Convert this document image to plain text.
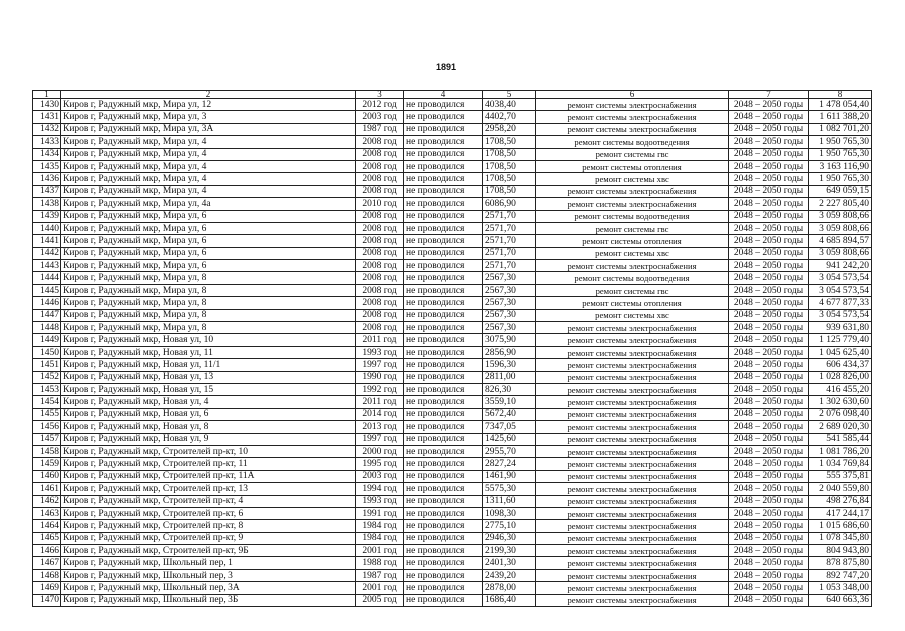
1891
1	2	3	4	5	6	7	8
1430	Киров г, Радужный мкр, Мира ул, 12	2012 год	не проводился	4038,40	ремонт системы электроснабжения	2048 – 2050 годы	1 478 054,40
1431	Киров г, Радужный мкр, Мира ул, 3	2003 год	не проводился	4402,70	ремонт системы электроснабжения	2048 – 2050 годы	1 611 388,20
1432	Киров г, Радужный мкр, Мира ул, 3А	1987 год	не проводился	2958,20	ремонт системы электроснабжения	2048 – 2050 годы	1 082 701,20
1433	Киров г, Радужный мкр, Мира ул, 4	2008 год	не проводился	1708,50	ремонт системы водоотведения	2048 – 2050 годы	1 950 765,30
1434	Киров г, Радужный мкр, Мира ул, 4	2008 год	не проводился	1708,50	ремонт системы гвс	2048 – 2050 годы	1 950 765,30
1435	Киров г, Радужный мкр, Мира ул, 4	2008 год	не проводился	1708,50	ремонт системы отопления	2048 – 2050 годы	3 163 116,90
1436	Киров г, Радужный мкр, Мира ул, 4	2008 год	не проводился	1708,50	ремонт системы хвс	2048 – 2050 годы	1 950 765,30
1437	Киров г, Радужный мкр, Мира ул, 4	2008 год	не проводился	1708,50	ремонт системы электроснабжения	2048 – 2050 годы	649 059,15
1438	Киров г, Радужный мкр, Мира ул, 4а	2010 год	не проводился	6086,90	ремонт системы электроснабжения	2048 – 2050 годы	2 227 805,40
1439	Киров г, Радужный мкр, Мира ул, 6	2008 год	не проводился	2571,70	ремонт системы водоотведения	2048 – 2050 годы	3 059 808,66
1440	Киров г, Радужный мкр, Мира ул, 6	2008 год	не проводился	2571,70	ремонт системы гвс	2048 – 2050 годы	3 059 808,66
1441	Киров г, Радужный мкр, Мира ул, 6	2008 год	не проводился	2571,70	ремонт системы отопления	2048 – 2050 годы	4 685 894,57
1442	Киров г, Радужный мкр, Мира ул, 6	2008 год	не проводился	2571,70	ремонт системы хвс	2048 – 2050 годы	3 059 808,66
1443	Киров г, Радужный мкр, Мира ул, 6	2008 год	не проводился	2571,70	ремонт системы электроснабжения	2048 – 2050 годы	941 242,20
1444	Киров г, Радужный мкр, Мира ул, 8	2008 год	не проводился	2567,30	ремонт системы водоотведения	2048 – 2050 годы	3 054 573,54
1445	Киров г, Радужный мкр, Мира ул, 8	2008 год	не проводился	2567,30	ремонт системы гвс	2048 – 2050 годы	3 054 573,54
1446	Киров г, Радужный мкр, Мира ул, 8	2008 год	не проводился	2567,30	ремонт системы отопления	2048 – 2050 годы	4 677 877,33
1447	Киров г, Радужный мкр, Мира ул, 8	2008 год	не проводился	2567,30	ремонт системы хвс	2048 – 2050 годы	3 054 573,54
1448	Киров г, Радужный мкр, Мира ул, 8	2008 год	не проводился	2567,30	ремонт системы электроснабжения	2048 – 2050 годы	939 631,80
1449	Киров г, Радужный мкр, Новая ул, 10	2011 год	не проводился	3075,90	ремонт системы электроснабжения	2048 – 2050 годы	1 125 779,40
1450	Киров г, Радужный мкр, Новая ул, 11	1993 год	не проводился	2856,90	ремонт системы электроснабжения	2048 – 2050 годы	1 045 625,40
1451	Киров г, Радужный мкр, Новая ул, 11/1	1997 год	не проводился	1596,30	ремонт системы электроснабжения	2048 – 2050 годы	606 434,37
1452	Киров г, Радужный мкр, Новая ул, 13	1990 год	не проводился	2811,00	ремонт системы электроснабжения	2048 – 2050 годы	1 028 826,00
1453	Киров г, Радужный мкр, Новая ул, 15	1992 год	не проводился	826,30	ремонт системы электроснабжения	2048 – 2050 годы	416 455,20
1454	Киров г, Радужный мкр, Новая ул, 4	2011 год	не проводился	3559,10	ремонт системы электроснабжения	2048 – 2050 годы	1 302 630,60
1455	Киров г, Радужный мкр, Новая ул, 6	2014 год	не проводился	5672,40	ремонт системы электроснабжения	2048 – 2050 годы	2 076 098,40
1456	Киров г, Радужный мкр, Новая ул, 8	2013 год	не проводился	7347,05	ремонт системы электроснабжения	2048 – 2050 годы	2 689 020,30
1457	Киров г, Радужный мкр, Новая ул, 9	1997 год	не проводился	1425,60	ремонт системы электроснабжения	2048 – 2050 годы	541 585,44
1458	Киров г, Радужный мкр, Строителей пр-кт, 10	2000 год	не проводился	2955,70	ремонт системы электроснабжения	2048 – 2050 годы	1 081 786,20
1459	Киров г, Радужный мкр, Строителей пр-кт, 11	1995 год	не проводился	2827,24	ремонт системы электроснабжения	2048 – 2050 годы	1 034 769,84
1460	Киров г, Радужный мкр, Строителей пр-кт, 11А	2003 год	не проводился	1461,90	ремонт системы электроснабжения	2048 – 2050 годы	555 375,81
1461	Киров г, Радужный мкр, Строителей пр-кт, 13	1994 год	не проводился	5575,30	ремонт системы электроснабжения	2048 – 2050 годы	2 040 559,80
1462	Киров г, Радужный мкр, Строителей пр-кт, 4	1993 год	не проводился	1311,60	ремонт системы электроснабжения	2048 – 2050 годы	498 276,84
1463	Киров г, Радужный мкр, Строителей пр-кт, 6	1991 год	не проводился	1098,30	ремонт системы электроснабжения	2048 – 2050 годы	417 244,17
1464	Киров г, Радужный мкр, Строителей пр-кт, 8	1984 год	не проводился	2775,10	ремонт системы электроснабжения	2048 – 2050 годы	1 015 686,60
1465	Киров г, Радужный мкр, Строителей пр-кт, 9	1984 год	не проводился	2946,30	ремонт системы электроснабжения	2048 – 2050 годы	1 078 345,80
1466	Киров г, Радужный мкр, Строителей пр-кт, 9Б	2001 год	не проводился	2199,30	ремонт системы электроснабжения	2048 – 2050 годы	804 943,80
1467	Киров г, Радужный мкр, Школьный пер, 1	1988 год	не проводился	2401,30	ремонт системы электроснабжения	2048 – 2050 годы	878 875,80
1468	Киров г, Радужный мкр, Школьный пер, 3	1987 год	не проводился	2439,20	ремонт системы электроснабжения	2048 – 2050 годы	892 747,20
1469	Киров г, Радужный мкр, Школьный пер, 3А	2001 год	не проводился	2878,00	ремонт системы электроснабжения	2048 – 2050 годы	1 053 348,00
1470	Киров г, Радужный мкр, Школьный пер, 3Б	2005 год	не проводился	1686,40	ремонт системы электроснабжения	2048 – 2050 годы	640 663,36
